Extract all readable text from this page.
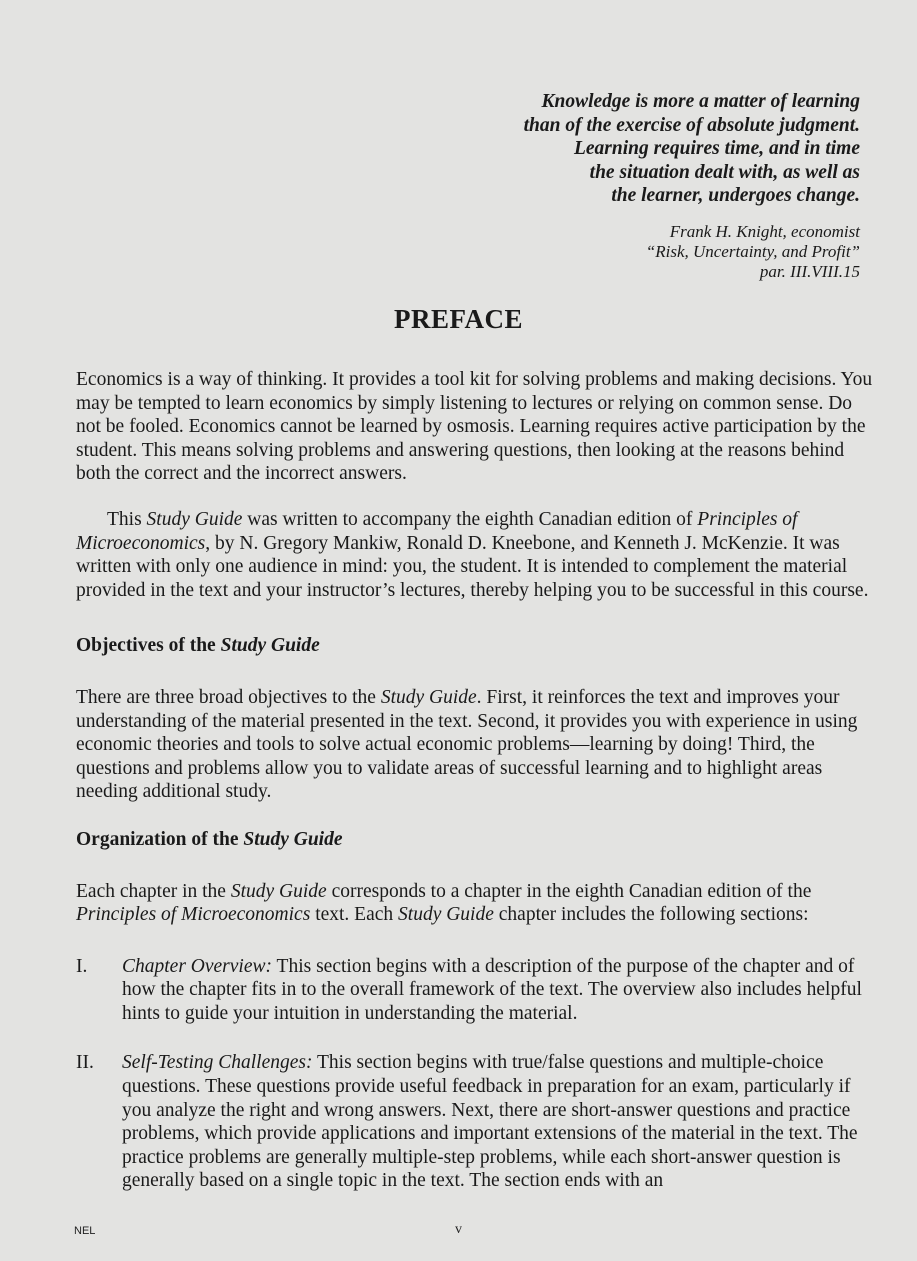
Knowledge is more a matter of learning
than of the exercise of absolute judgment.
Learning requires time, and in time
the situation dealt with, as well as
the learner, undergoes change.

Frank H. Knight, economist
“Risk, Uncertainty, and Profit”
par. III.VIII.15
PREFACE

Economics is a way of thinking. It provides a tool kit for solving problems and making decisions. You may be tempted to learn economics by simply listening to lectures or relying on common sense. Do not be fooled. Economics cannot be learned by osmosis. Learning requires active participation by the student. This means solving problems and answering questions, then looking at the reasons behind both the correct and the incorrect answers.

This Study Guide was written to accompany the eighth Canadian edition of Principles of Microeconomics, by N. Gregory Mankiw, Ronald D. Kneebone, and Kenneth J. McKenzie. It was written with only one audience in mind: you, the student. It is intended to complement the material provided in the text and your instructor’s lectures, thereby helping you to be successful in this course.

Objectives of the Study Guide

There are three broad objectives to the Study Guide. First, it reinforces the text and improves your understanding of the material presented in the text. Second, it provides you with experience in using economic theories and tools to solve actual economic problems—learning by doing! Third, the questions and problems allow you to validate areas of successful learning and to highlight areas needing additional study.

Organization of the Study Guide

Each chapter in the Study Guide corresponds to a chapter in the eighth Canadian edition of the Principles of Microeconomics text. Each Study Guide chapter includes the following sections:

I.	Chapter Overview: This section begins with a description of the purpose of the chapter and of how the chapter fits in to the overall framework of the text. The overview also includes helpful hints to guide your intuition in understanding the material.
II.	Self-Testing Challenges: This section begins with true/false questions and multiple-choice questions. These questions provide useful feedback in preparation for an exam, particularly if you analyze the right and wrong answers. Next, there are short-answer questions and practice problems, which provide applications and important extensions of the material in the text. The practice problems are generally multiple-step problems, while each short-answer question is generally based on a single topic in the text. The section ends with an
NEL	v
